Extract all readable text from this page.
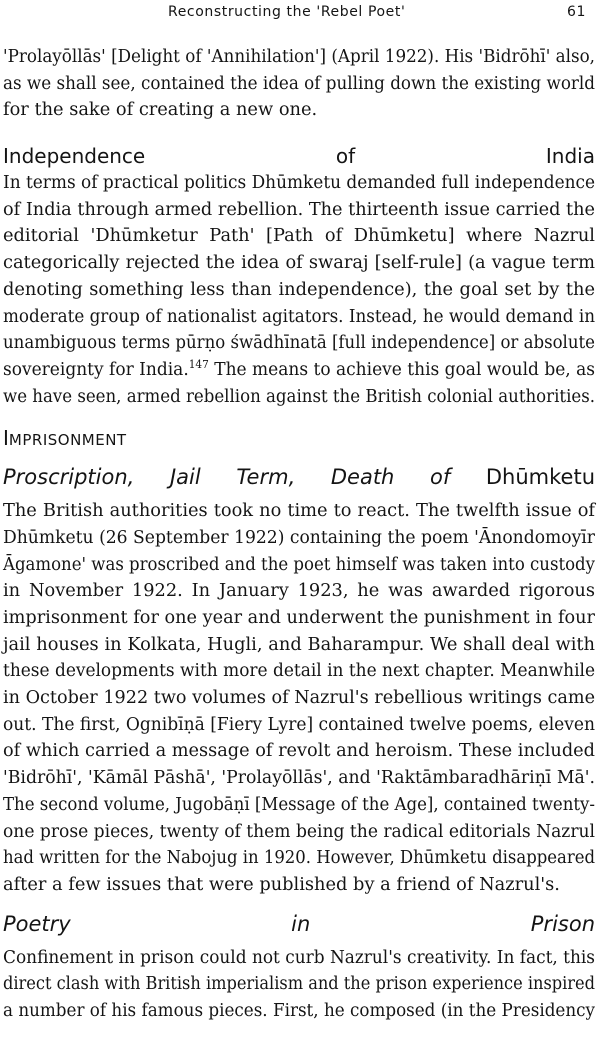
Reconstructing the 'Rebel Poet'	61
'Prolayōllās' [Delight of 'Annihilation'] (April 1922). His 'Bidrōhī' also,
as we shall see, contained the idea of pulling down the existing world
for the sake of creating a new one.
Independence of India
In terms of practical politics Dhūmketu demanded full independence
of India through armed rebellion. The thirteenth issue carried the
editorial 'Dhūmketur Path' [Path of Dhūmketu] where Nazrul
categorically rejected the idea of swaraj [self-rule] (a vague term
denoting something less than independence), the goal set by the
moderate group of nationalist agitators. Instead, he would demand in
unambiguous terms pūrṇo śwādhīnatā [full independence] or absolute
sovereignty for India.$^{147}$ The means to achieve this goal would be, as
we have seen, armed rebellion against the British colonial authorities.
IMPRISONMENT
Proscription, Jail Term, Death of Dhūmketu
The British authorities took no time to react. The twelfth issue of
Dhūmketu (26 September 1922) containing the poem 'Ānondomoyīr
Āgamone' was proscribed and the poet himself was taken into custody
in November 1922. In January 1923, he was awarded rigorous
imprisonment for one year and underwent the punishment in four
jail houses in Kolkata, Hugli, and Baharampur. We shall deal with
these developments with more detail in the next chapter. Meanwhile
in October 1922 two volumes of Nazrul's rebellious writings came
out. The first, Ognibīṇā [Fiery Lyre] contained twelve poems, eleven
of which carried a message of revolt and heroism. These included
'Bidrōhī', 'Kāmāl Pāshā', 'Prolayōllās', and 'Raktāmbaradhāriṇī Mā'.
The second volume, Jugobāṇī [Message of the Age], contained twenty-
one prose pieces, twenty of them being the radical editorials Nazrul
had written for the Nabojug in 1920. However, Dhūmketu disappeared
after a few issues that were published by a friend of Nazrul's.
Poetry in Prison
Confinement in prison could not curb Nazrul's creativity. In fact, this
direct clash with British imperialism and the prison experience inspired
a number of his famous pieces. First, he composed (in the Presidency
